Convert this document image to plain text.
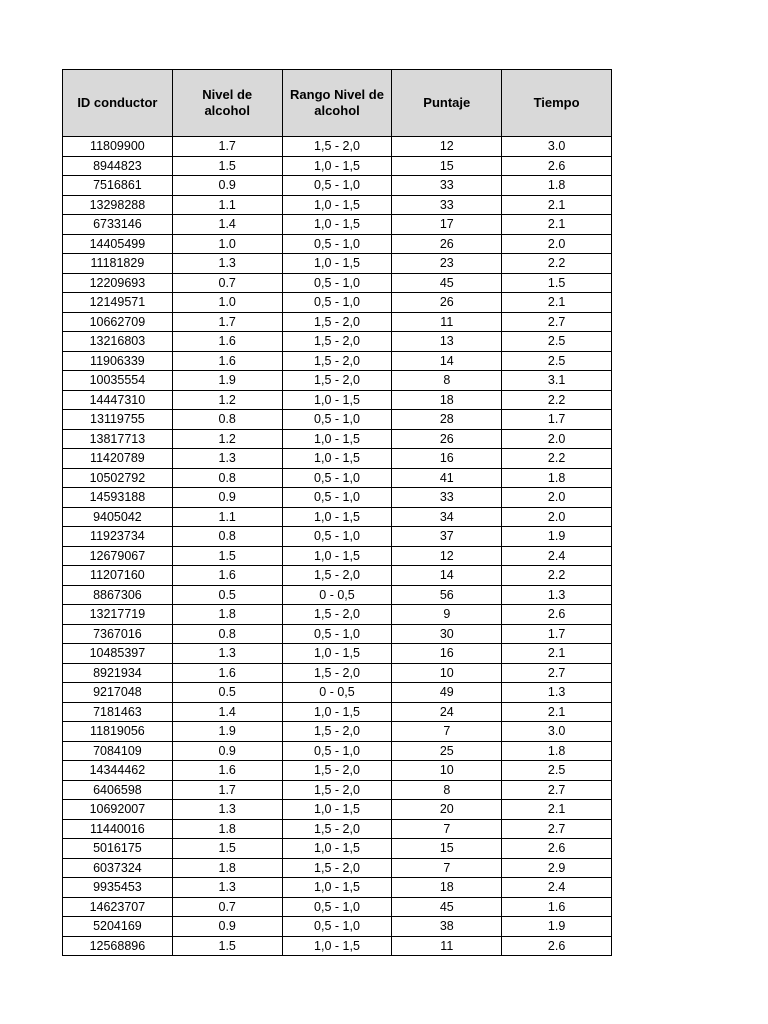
ID conductor	Nivel de alcohol	Rango Nivel de alcohol	Puntaje	Tiempo
11809900	1.7	1,5 - 2,0	12	3.0
8944823	1.5	1,0 - 1,5	15	2.6
7516861	0.9	0,5 - 1,0	33	1.8
13298288	1.1	1,0 - 1,5	33	2.1
6733146	1.4	1,0 - 1,5	17	2.1
14405499	1.0	0,5 - 1,0	26	2.0
11181829	1.3	1,0 - 1,5	23	2.2
12209693	0.7	0,5 - 1,0	45	1.5
12149571	1.0	0,5 - 1,0	26	2.1
10662709	1.7	1,5 - 2,0	11	2.7
13216803	1.6	1,5 - 2,0	13	2.5
11906339	1.6	1,5 - 2,0	14	2.5
10035554	1.9	1,5 - 2,0	8	3.1
14447310	1.2	1,0 - 1,5	18	2.2
13119755	0.8	0,5 - 1,0	28	1.7
13817713	1.2	1,0 - 1,5	26	2.0
11420789	1.3	1,0 - 1,5	16	2.2
10502792	0.8	0,5 - 1,0	41	1.8
14593188	0.9	0,5 - 1,0	33	2.0
9405042	1.1	1,0 - 1,5	34	2.0
11923734	0.8	0,5 - 1,0	37	1.9
12679067	1.5	1,0 - 1,5	12	2.4
11207160	1.6	1,5 - 2,0	14	2.2
8867306	0.5	0 - 0,5	56	1.3
13217719	1.8	1,5 - 2,0	9	2.6
7367016	0.8	0,5 - 1,0	30	1.7
10485397	1.3	1,0 - 1,5	16	2.1
8921934	1.6	1,5 - 2,0	10	2.7
9217048	0.5	0 - 0,5	49	1.3
7181463	1.4	1,0 - 1,5	24	2.1
11819056	1.9	1,5 - 2,0	7	3.0
7084109	0.9	0,5 - 1,0	25	1.8
14344462	1.6	1,5 - 2,0	10	2.5
6406598	1.7	1,5 - 2,0	8	2.7
10692007	1.3	1,0 - 1,5	20	2.1
11440016	1.8	1,5 - 2,0	7	2.7
5016175	1.5	1,0 - 1,5	15	2.6
6037324	1.8	1,5 - 2,0	7	2.9
9935453	1.3	1,0 - 1,5	18	2.4
14623707	0.7	0,5 - 1,0	45	1.6
5204169	0.9	0,5 - 1,0	38	1.9
12568896	1.5	1,0 - 1,5	11	2.6
